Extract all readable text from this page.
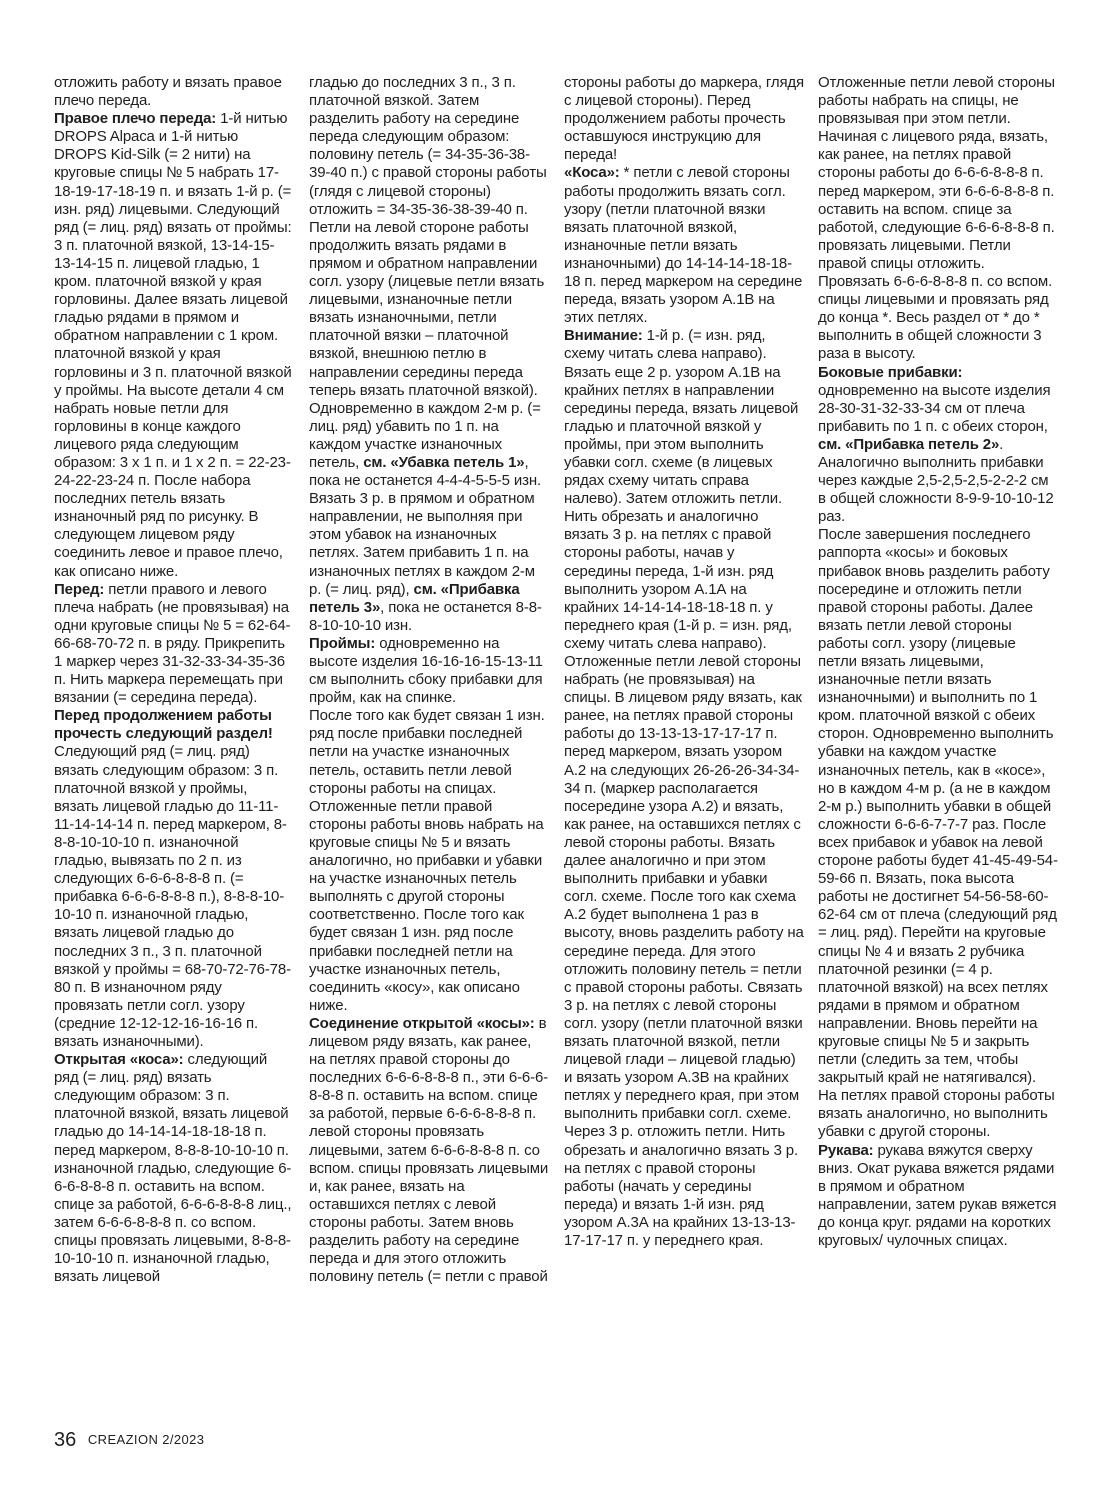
отложить работу и вязать правое плечо переда.

Правое плечо переда: 1-й нитью DROPS Alpaca и 1-й нитью DROPS Kid-Silk (= 2 нити) на круговые спицы № 5 набрать 17-18-19-17-18-19 п. и вязать 1-й р. (= изн. ряд) лицевыми. Следующий ряд (= лиц. ряд) вязать от проймы: 3 п. платочной вязкой, 13-14-15-13-14-15 п. лицевой гладью, 1 кром. платочной вязкой у края горловины. Далее вязать лицевой гладью рядами в прямом и обратном направлении с 1 кром. платочной вязкой у края горловины и 3 п. платочной вязкой у проймы. На высоте детали 4 см набрать новые петли для горловины в конце каждого лицевого ряда следующим образом: 3 х 1 п. и 1 х 2 п. = 22-23-24-22-23-24 п. После набора последних петель вязать изнаночный ряд по рисунку. В следующем лицевом ряду соединить левое и правое плечо, как описано ниже.

Перед: петли правого и левого плеча набрать (не провязывая) на одни круговые спицы № 5 = 62-64-66-68-70-72 п. в ряду. Прикрепить 1 маркер через 31-32-33-34-35-36 п. Нить маркера перемещать при вязании (= середина переда).

Перед продолжением работы прочесть следующий раздел!

Следующий ряд (= лиц. ряд) вязать следующим образом: 3 п. платочной вязкой у проймы, вязать лицевой гладью до 11-11-11-14-14-14 п. перед маркером, 8-8-8-10-10-10 п. изнаночной гладью, вывязать по 2 п. из следующих 6-6-6-8-8-8 п. (= прибавка 6-6-6-8-8-8 п.), 8-8-8-10-10-10 п. изнаночной гладью, вязать лицевой гладью до последних 3 п., 3 п. платочной вязкой у проймы = 68-70-72-76-78-80 п. В изнаночном ряду провязать петли согл. узору (средние 12-12-12-16-16-16 п. вязать изнаночными).

Открытая «коса»: следующий ряд (= лиц. ряд) вязать следующим образом: 3 п. платочной вязкой, вязать лицевой гладью до 14-14-14-18-18-18 п. перед маркером, 8-8-8-10-10-10 п. изнаночной гладью, следующие 6-6-6-8-8-8 п. оставить на вспом. спице за работой, 6-6-6-8-8-8 лиц., затем 6-6-6-8-8-8 п. со вспом. спицы провязать лицевыми, 8-8-8-10-10-10 п. изнаночной гладью, вязать лицевой

гладью до последних 3 п., 3 п. платочной вязкой. Затем разделить работу на середине переда следующим образом: половину петель (= 34-35-36-38-39-40 п.) с правой стороны работы (глядя с лицевой стороны) отложить = 34-35-36-38-39-40 п.

Петли на левой стороне работы продолжить вязать рядами в прямом и обратном направлении согл. узору (лицевые петли вязать лицевыми, изнаночные петли вязать изнаночными, петли платочной вязки – платочной вязкой, внешнюю петлю в направлении середины переда теперь вязать платочной вязкой). Одновременно в каждом 2-м р. (= лиц. ряд) убавить по 1 п. на каждом участке изнаночных петель, см. «Убавка петель 1», пока не останется 4-4-4-5-5-5 изн. Вязать 3 р. в прямом и обратном направлении, не выполняя при этом убавок на изнаночных петлях. Затем прибавить 1 п. на изнаночных петлях в каждом 2-м р. (= лиц. ряд), см. «Прибавка петель 3», пока не останется 8-8-8-10-10-10 изн.

Проймы: одновременно на высоте изделия 16-16-16-15-13-11 см выполнить сбоку прибавки для пройм, как на спинке.

После того как будет связан 1 изн. ряд после прибавки последней петли на участке изнаночных петель, оставить петли левой стороны работы на спицах. Отложенные петли правой стороны работы вновь набрать на круговые спицы № 5 и вязать аналогично, но прибавки и убавки на участке изнаночных петель выполнять с другой стороны соответственно. После того как будет связан 1 изн. ряд после прибавки последней петли на участке изнаночных петель, соединить «косу», как описано ниже.

Соединение открытой «косы»: в лицевом ряду вязать, как ранее, на петлях правой стороны до последних 6-6-6-8-8-8 п., эти 6-6-6-8-8-8 п. оставить на вспом. спице за работой, первые 6-6-6-8-8-8 п. левой стороны провязать лицевыми, затем 6-6-6-8-8-8 п. со вспом. спицы провязать лицевыми и, как ранее, вязать на оставшихся петлях с левой стороны работы. Затем вновь разделить работу на середине переда и для этого отложить половину петель (= петли с правой

стороны работы до маркера, глядя с лицевой стороны). Перед продолжением работы прочесть оставшуюся инструкцию для переда!

«Коса»: * петли с левой стороны работы продолжить вязать согл. узору (петли платочной вязки вязать платочной вязкой, изнаночные петли вязать изнаночными) до 14-14-14-18-18-18 п. перед маркером на середине переда, вязать узором А.1В на этих петлях.

Внимание: 1-й р. (= изн. ряд, схему читать слева направо). Вязать еще 2 р. узором А.1В на крайних петлях в направлении середины переда, вязать лицевой гладью и платочной вязкой у проймы, при этом выполнить убавки согл. схеме (в лицевых рядах схему читать справа налево). Затем отложить петли. Нить обрезать и аналогично вязать 3 р. на петлях с правой стороны работы, начав у середины переда, 1-й изн. ряд выполнить узором А.1А на крайних 14-14-14-18-18-18 п. у переднего края (1-й р. = изн. ряд, схему читать слева направо).

Отложенные петли левой стороны набрать (не провязывая) на спицы. В лицевом ряду вязать, как ранее, на петлях правой стороны работы до 13-13-13-17-17-17 п. перед маркером, вязать узором А.2 на следующих 26-26-26-34-34-34 п. (маркер располагается посередине узора А.2) и вязать, как ранее, на оставшихся петлях с левой стороны работы. Вязать далее аналогично и при этом выполнить прибавки и убавки согл. схеме. После того как схема А.2 будет выполнена 1 раз в высоту, вновь разделить работу на середине переда. Для этого отложить половину петель = петли с правой стороны работы. Связать 3 р. на петлях с левой стороны согл. узору (петли платочной вязки вязать платочной вязкой, петли лицевой глади – лицевой гладью) и вязать узором А.3В на крайних петлях у переднего края, при этом выполнить прибавки согл. схеме. Через 3 р. отложить петли. Нить обрезать и аналогично вязать 3 р. на петлях с правой стороны работы (начать у середины переда) и вязать 1-й изн. ряд узором А.3А на крайних 13-13-13-17-17-17 п. у переднего края.

Отложенные петли левой стороны работы набрать на спицы, не провязывая при этом петли. Начиная с лицевого ряда, вязать, как ранее, на петлях правой стороны работы до 6-6-6-8-8-8 п. перед маркером, эти 6-6-6-8-8-8 п. оставить на вспом. спице за работой, следующие 6-6-6-8-8-8 п. провязать лицевыми. Петли правой спицы отложить. Провязать 6-6-6-8-8-8 п. со вспом. спицы лицевыми и провязать ряд до конца *. Весь раздел от * до * выполнить в общей сложности 3 раза в высоту.

Боковые прибавки: одновременно на высоте изделия 28-30-31-32-33-34 см от плеча прибавить по 1 п. с обеих сторон, см. «Прибавка петель 2». Аналогично выполнить прибавки через каждые 2,5-2,5-2,5-2-2-2 см в общей сложности 8-9-9-10-10-12 раз.

После завершения последнего раппорта «косы» и боковых прибавок вновь разделить работу посередине и отложить петли правой стороны работы. Далее вязать петли левой стороны работы согл. узору (лицевые петли вязать лицевыми, изнаночные петли вязать изнаночными) и выполнить по 1 кром. платочной вязкой с обеих сторон. Одновременно выполнить убавки на каждом участке изнаночных петель, как в «косе», но в каждом 4-м р. (а не в каждом 2-м р.) выполнить убавки в общей сложности 6-6-6-7-7-7 раз. После всех прибавок и убавок на левой стороне работы будет 41-45-49-54-59-66 п. Вязать, пока высота работы не достигнет 54-56-58-60-62-64 см от плеча (следующий ряд = лиц. ряд). Перейти на круговые спицы № 4 и вязать 2 рубчика платочной резинки (= 4 р. платочной вязкой) на всех петлях рядами в прямом и обратном направлении. Вновь перейти на круговые спицы № 5 и закрыть петли (следить за тем, чтобы закрытый край не натягивался). На петлях правой стороны работы вязать аналогично, но выполнить убавки с другой стороны.

Рукава: рукава вяжутся сверху вниз. Окат рукава вяжется рядами в прямом и обратном направлении, затем рукав вяжется до конца круг. рядами на коротких круговых/ чулочных спицах.

36 CREAZION 2/2023
